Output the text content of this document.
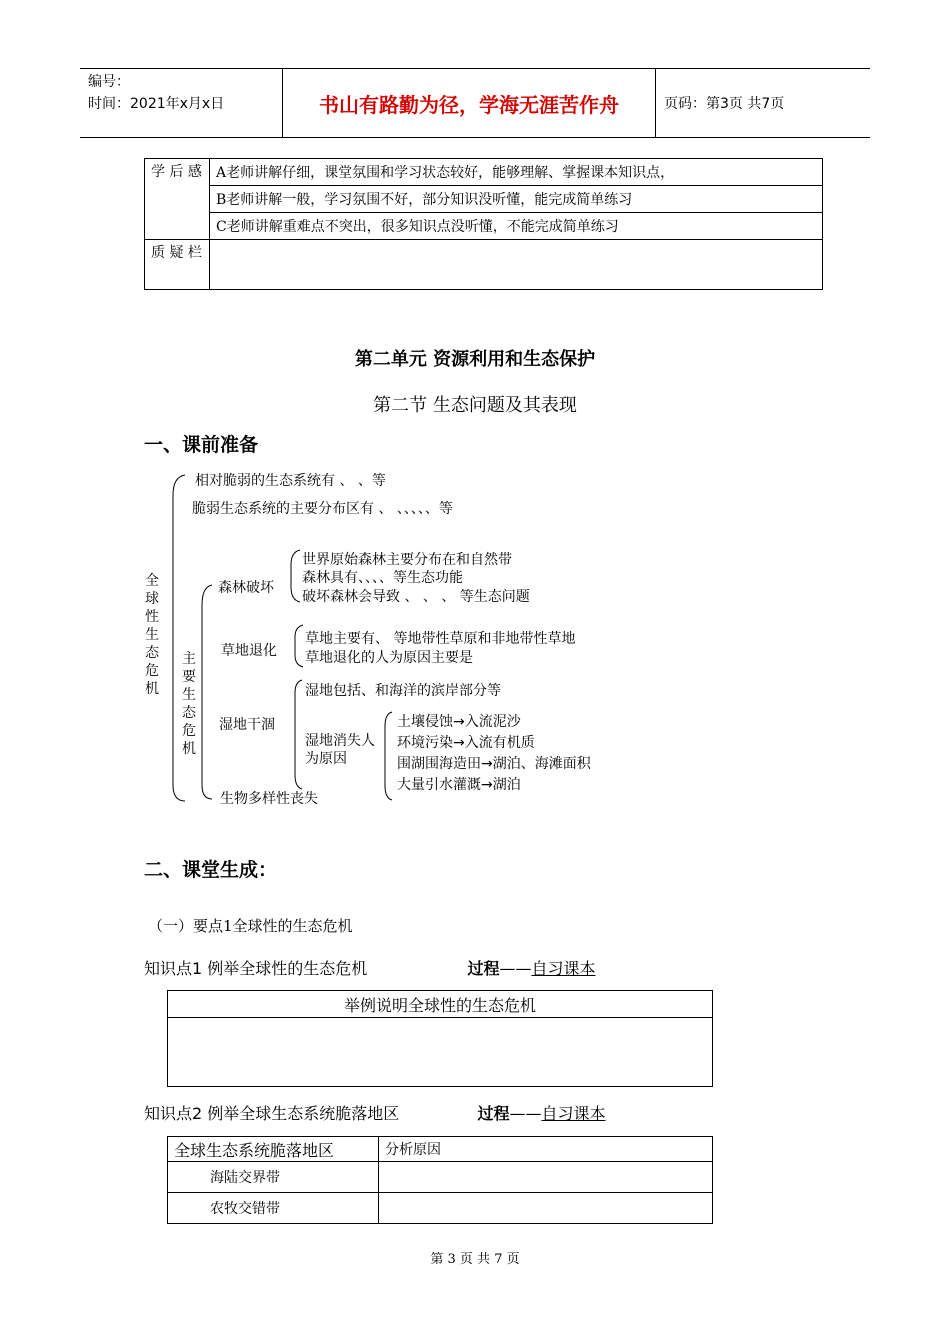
编号：
时间：2021年x月x日	书山有路勤为径，学海无涯苦作舟	页码：第3页 共7页
学 后 感	A老师讲解仔细，课堂氛围和学习状态较好，能够理解、掌握课本知识点，
	B老师讲解一般，学习氛围不好，部分知识没听懂，能完成简单练习
	C老师讲解重难点不突出，很多知识点没听懂，不能完成简单练习
质 疑 栏	
第二单元 资源利用和生态保护
第二节 生态问题及其表现
一、课前准备
全球性生态危机
相对脆弱的生态系统有 、 、等
脆弱生态系统的主要分布区有 、 、、、、、等
主要生态危机
森林破坏
世界原始森林主要分布在和自然带
森林具有、、、、等生态功能
破坏森林会导致 、 、 、 等生态问题
草地退化
草地主要有、 等地带性草原和非地带性草地
草地退化的人为原因主要是
湿地干涸
湿地包括、和海洋的滨岸部分等
湿地消失人为原因
土壤侵蚀→入流泥沙
环境污染→入流有机质
围湖围海造田→湖泊、海滩面积
大量引水灌溉→湖泊
生物多样性丧失
二、课堂生成：
（一）要点1全球性的生态危机
知识点1 例举全球性的生态危机	过程——自习课本
举例说明全球性的生态危机

知识点2 例举全球生态系统脆落地区	过程——自习课本
全球生态系统脆落地区	分析原因
海陆交界带	
农牧交错带	
第 3 页 共 7 页
